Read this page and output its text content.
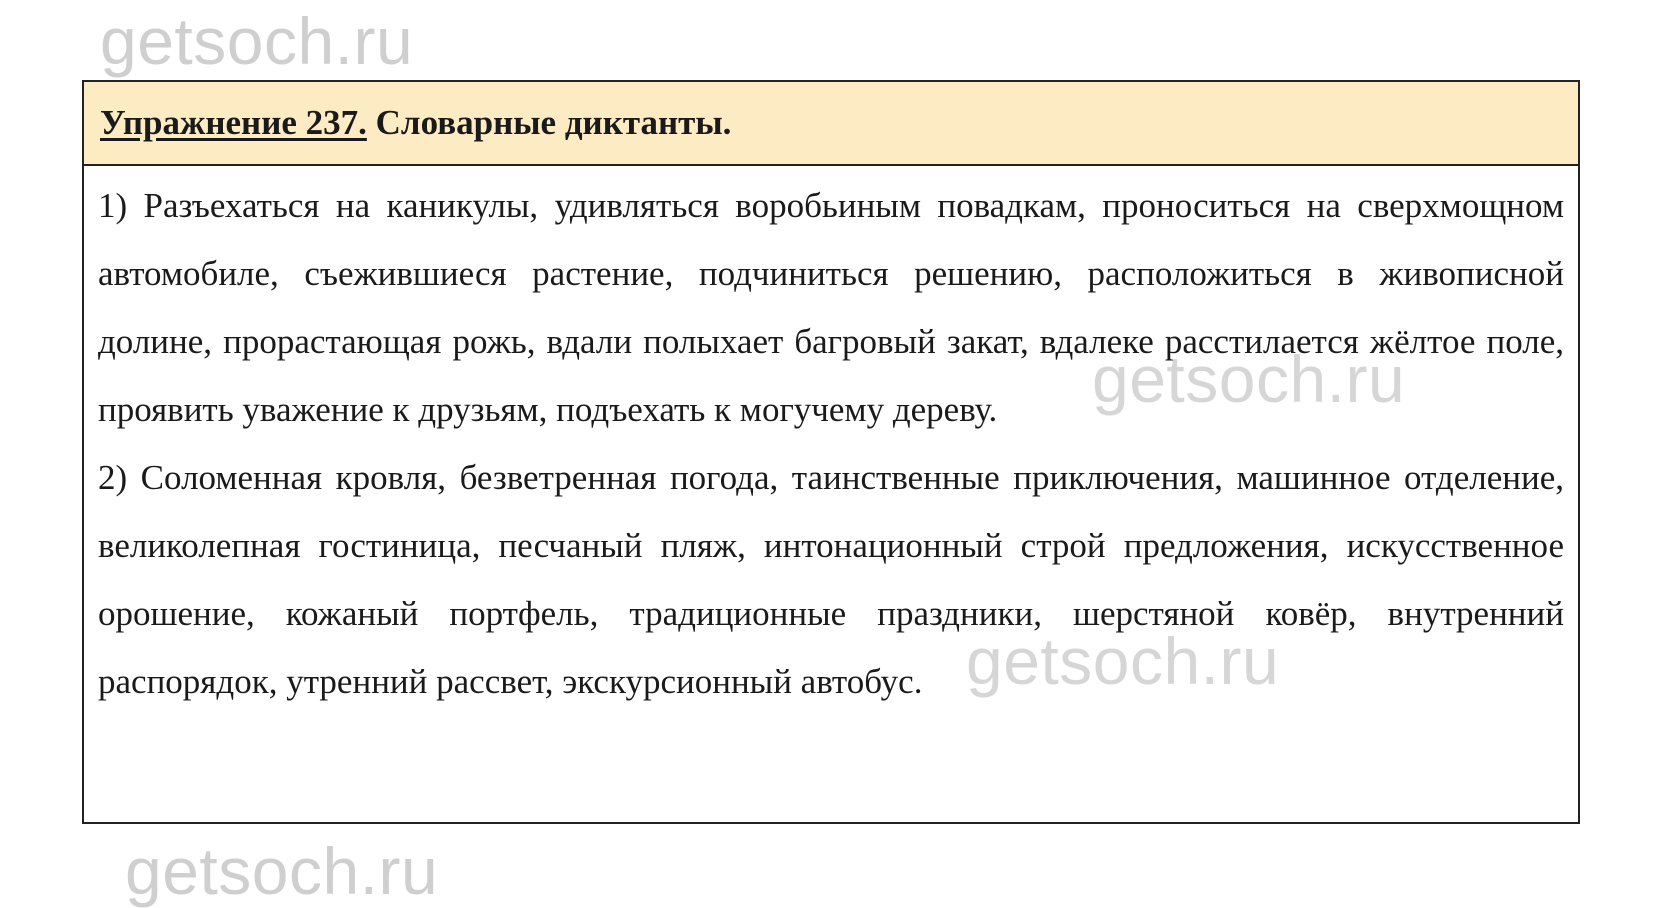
getsoch.ru
Упражнение 237.
Словарные диктанты.

1) Разъехаться на каникулы, удивляться воробьиным повадкам, проноситься на сверхмощном автомобиле, съежившиеся растение, подчиниться решению, расположиться в живописной долине, прорастающая рожь, вдали полыхает багровый закат, вдалеке расстилается жёлтое поле, проявить уважение к друзьям, подъехать к могучему дереву.

2) Соломенная кровля, безветренная погода, таинственные приключения, машинное отделение, великолепная гостиница, песчаный пляж, интонационный строй предложения, искусственное орошение, кожаный портфель, традиционные праздники, шерстяной ковёр, внутренний распорядок, утренний рассвет, экскурсионный автобус.

getsoch.ru
getsoch.ru
getsoch.ru
